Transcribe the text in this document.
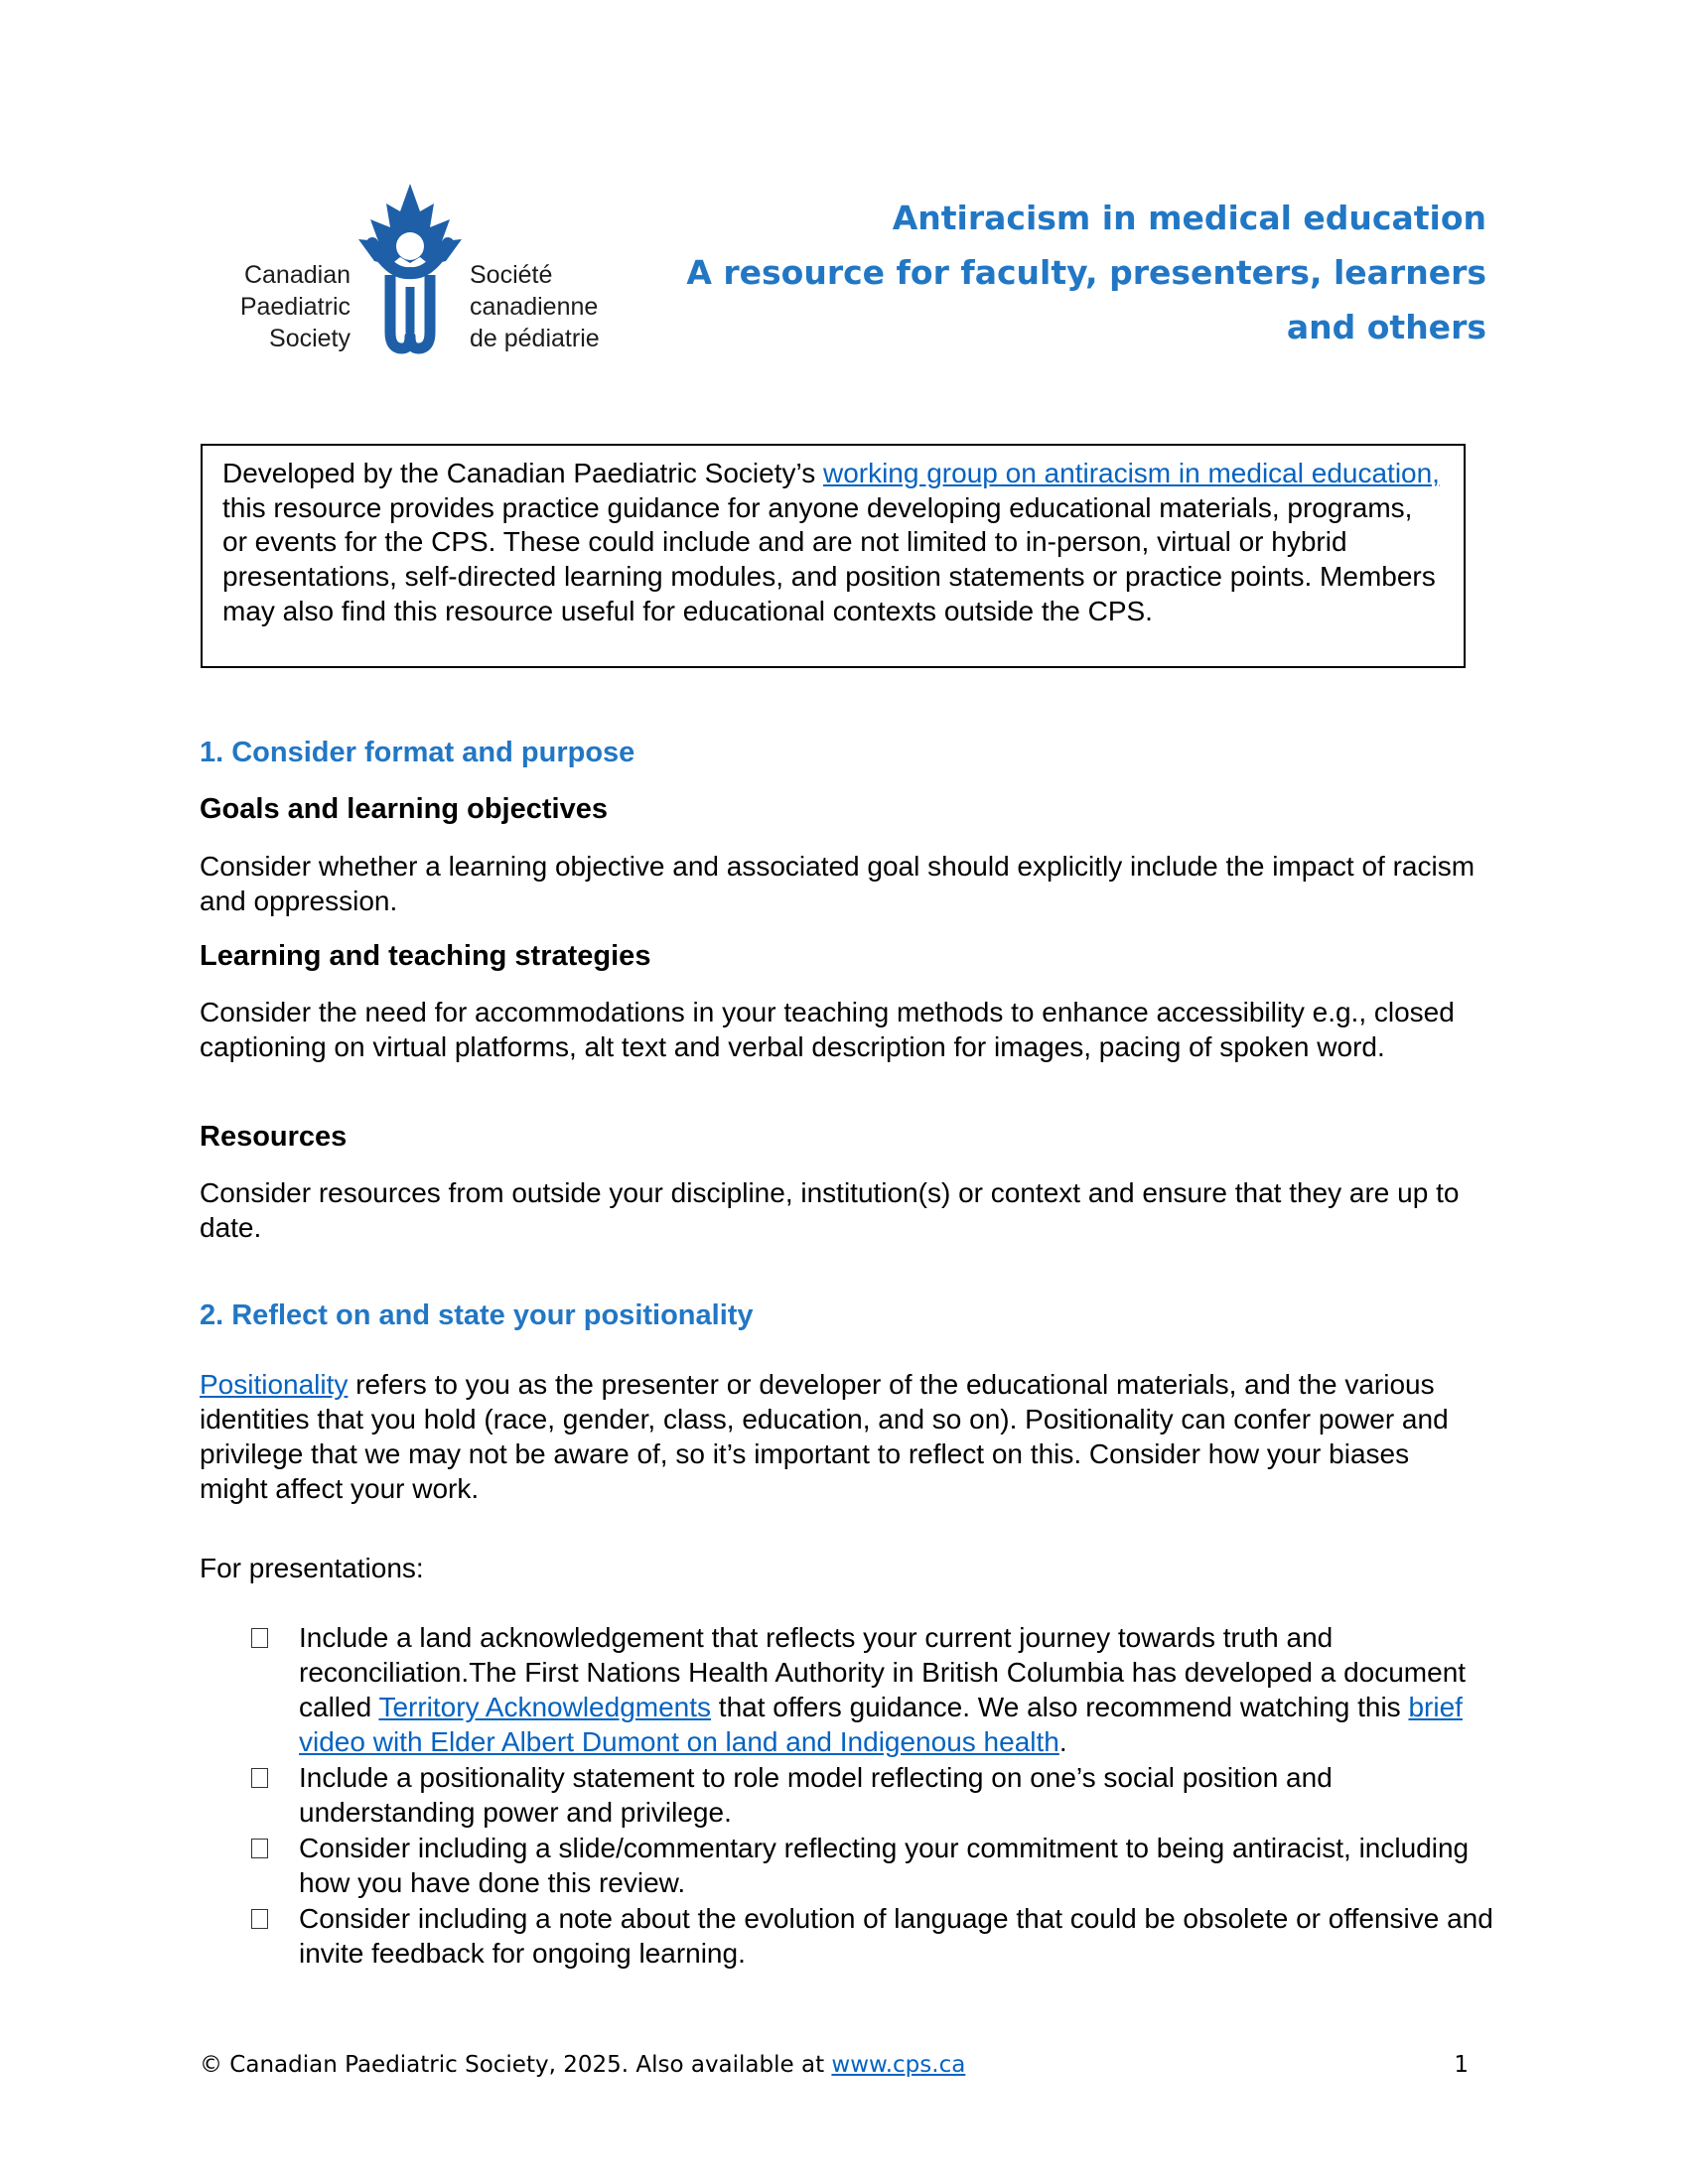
Canadian
Paediatric
Society
Société
canadienne
de pédiatrie
Antiracism in medical education
A resource for faculty, presenters, learners
and others
Developed by the Canadian Paediatric Society’s working group on antiracism in medical education, this resource provides practice guidance for anyone developing educational materials, programs, or events for the CPS. These could include and are not limited to in-person, virtual or hybrid presentations, self-directed learning modules, and position statements or practice points. Members may also find this resource useful for educational contexts outside the CPS.
1. Consider format and purpose
Goals and learning objectives
Consider whether a learning objective and associated goal should explicitly include the impact of racism and oppression.
Learning and teaching strategies
Consider the need for accommodations in your teaching methods to enhance accessibility e.g., closed captioning on virtual platforms, alt text and verbal description for images, pacing of spoken word.
Resources
Consider resources from outside your discipline, institution(s) or context and ensure that they are up to date.
2. Reflect on and state your positionality
Positionality refers to you as the presenter or developer of the educational materials, and the various identities that you hold (race, gender, class, education, and so on). Positionality can confer power and privilege that we may not be aware of, so it’s important to reflect on this. Consider how your biases might affect your work.
For presentations:
Include a land acknowledgement that reflects your current journey towards truth and reconciliation.The First Nations Health Authority in British Columbia has developed a document called Territory Acknowledgments that offers guidance. We also recommend watching this brief video with Elder Albert Dumont on land and Indigenous health.
Include a positionality statement to role model reflecting on one’s social position and understanding power and privilege.
Consider including a slide/commentary reflecting your commitment to being antiracist, including how you have done this review.
Consider including a note about the evolution of language that could be obsolete or offensive and invite feedback for ongoing learning.
© Canadian Paediatric Society, 2025. Also available at www.cps.ca	1
